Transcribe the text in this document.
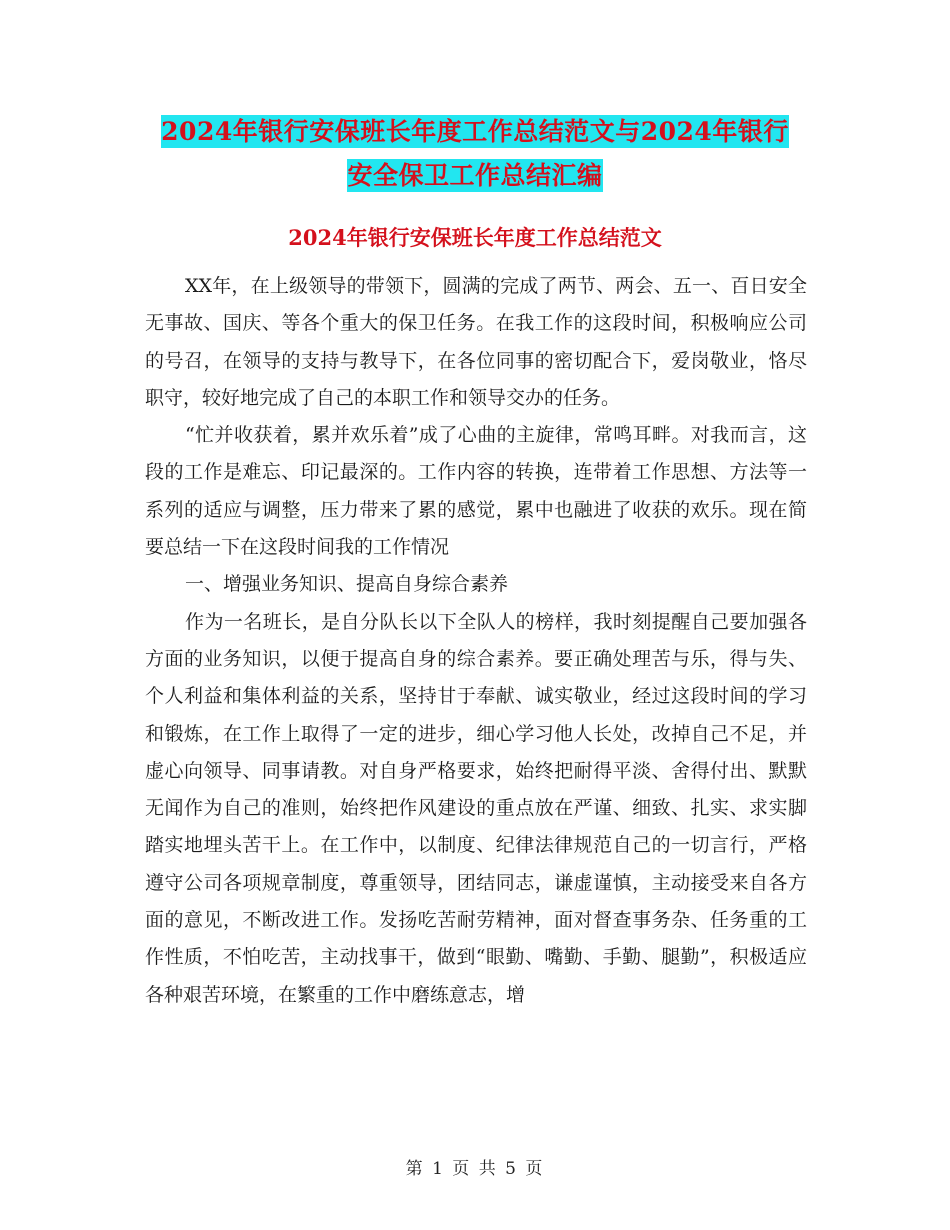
2024年银行安保班长年度工作总结范文与2024年银行
安全保卫工作总结汇编
2024年银行安保班长年度工作总结范文

XX年，在上级领导的带领下，圆满的完成了两节、两会、五一、百日安全无事故、国庆、等各个重大的保卫任务。在我工作的这段时间，积极响应公司的号召，在领导的支持与教导下，在各位同事的密切配合下，爱岗敬业，恪尽职守，较好地完成了自己的本职工作和领导交办的任务。

“忙并收获着，累并欢乐着”成了心曲的主旋律，常鸣耳畔。对我而言，这段的工作是难忘、印记最深的。工作内容的转换，连带着工作思想、方法等一系列的适应与调整，压力带来了累的感觉，累中也融进了收获的欢乐。现在简要总结一下在这段时间我的工作情况

一、增强业务知识、提高自身综合素养

作为一名班长，是自分队长以下全队人的榜样，我时刻提醒自己要加强各方面的业务知识，以便于提高自身的综合素养。要正确处理苦与乐，得与失、个人利益和集体利益的关系，坚持甘于奉献、诚实敬业，经过这段时间的学习和锻炼，在工作上取得了一定的进步，细心学习他人长处，改掉自己不足，并虚心向领导、同事请教。对自身严格要求，始终把耐得平淡、舍得付出、默默无闻作为自己的准则，始终把作风建设的重点放在严谨、细致、扎实、求实脚踏实地埋头苦干上。在工作中，以制度、纪律法律规范自己的一切言行，严格遵守公司各项规章制度，尊重领导，团结同志，谦虚谨慎，主动接受来自各方面的意见，不断改进工作。发扬吃苦耐劳精神，面对督查事务杂、任务重的工作性质，不怕吃苦，主动找事干，做到“眼勤、嘴勤、手勤、腿勤”，积极适应各种艰苦环境，在繁重的工作中磨练意志，增

第 1 页 共 5 页
